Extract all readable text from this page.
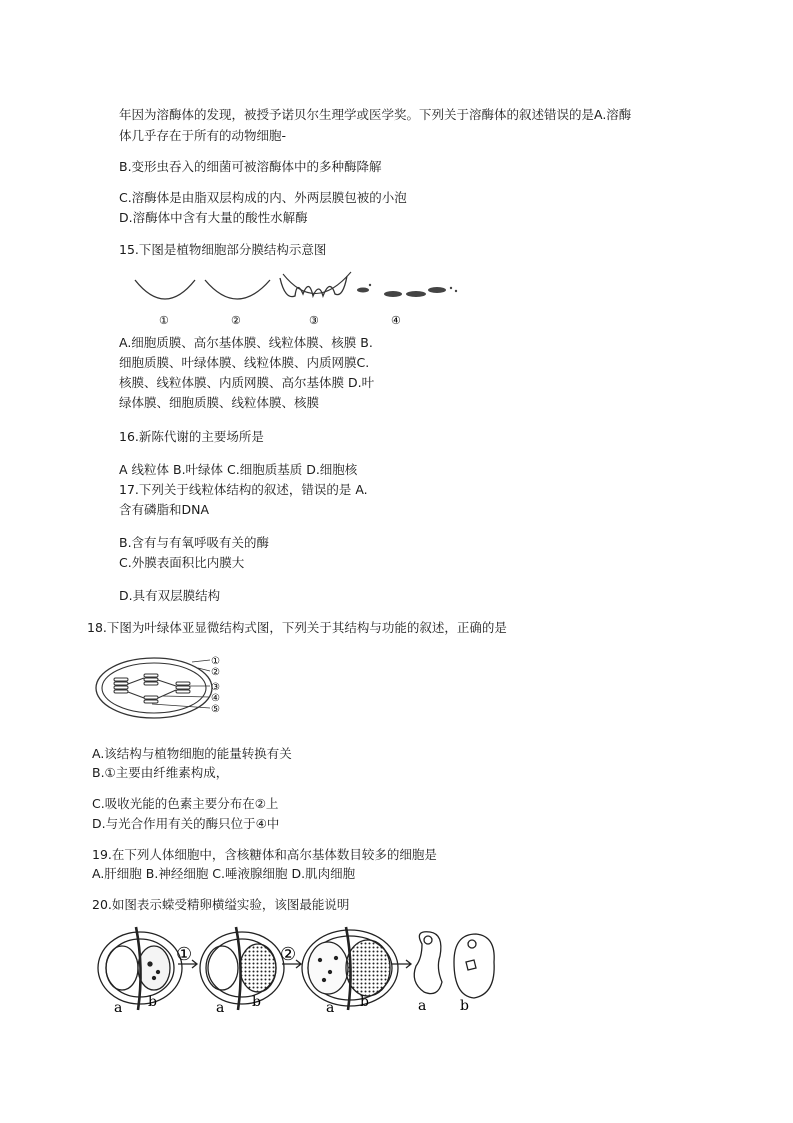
年因为溶酶体的发现，被授予诺贝尔生理学或医学奖。下列关于溶酶体的叙述错误的是A.溶酶
体几乎存在于所有的动物细胞-
B.变形虫吞入的细菌可被溶酶体中的多种酶降解
C.溶酶体是由脂双层构成的内、外两层膜包被的小泡
D.溶酶体中含有大量的酸性水解酶
15.下图是植物细胞部分膜结构示意图
①	②	③	④
A.细胞质膜、高尔基体膜、线粒体膜、核膜 B.
细胞质膜、叶绿体膜、线粒体膜、内质网膜C.
核膜、线粒体膜、内质网膜、高尔基体膜 D.叶
绿体膜、细胞质膜、线粒体膜、核膜
16.新陈代谢的主要场所是
A 线粒体 B.叶绿体 C.细胞质基质 D.细胞核
17.下列关于线粒体结构的叙述，错误的是 A.
含有磷脂和DNA
B.含有与有氧呼吸有关的酶
C.外膜表面积比内膜大
D.具有双层膜结构
18.下图为叶绿体亚显微结构式图，下列关于其结构与功能的叙述，正确的是
①
②
③
④
⑤
A.该结构与植物细胞的能量转换有关
B.①主要由纤维素构成，
C.吸收光能的色素主要分布在②上
D.与光合作用有关的酶只位于④中
19.在下列人体细胞中，含核糖体和高尔基体数目较多的细胞是
A.肝细胞 B.神经细胞 C.唾液腺细胞 D.肌肉细胞
20.如图表示蝾受精卵横缢实验，该图最能说明
①	②
a b	a b	a b	a b
